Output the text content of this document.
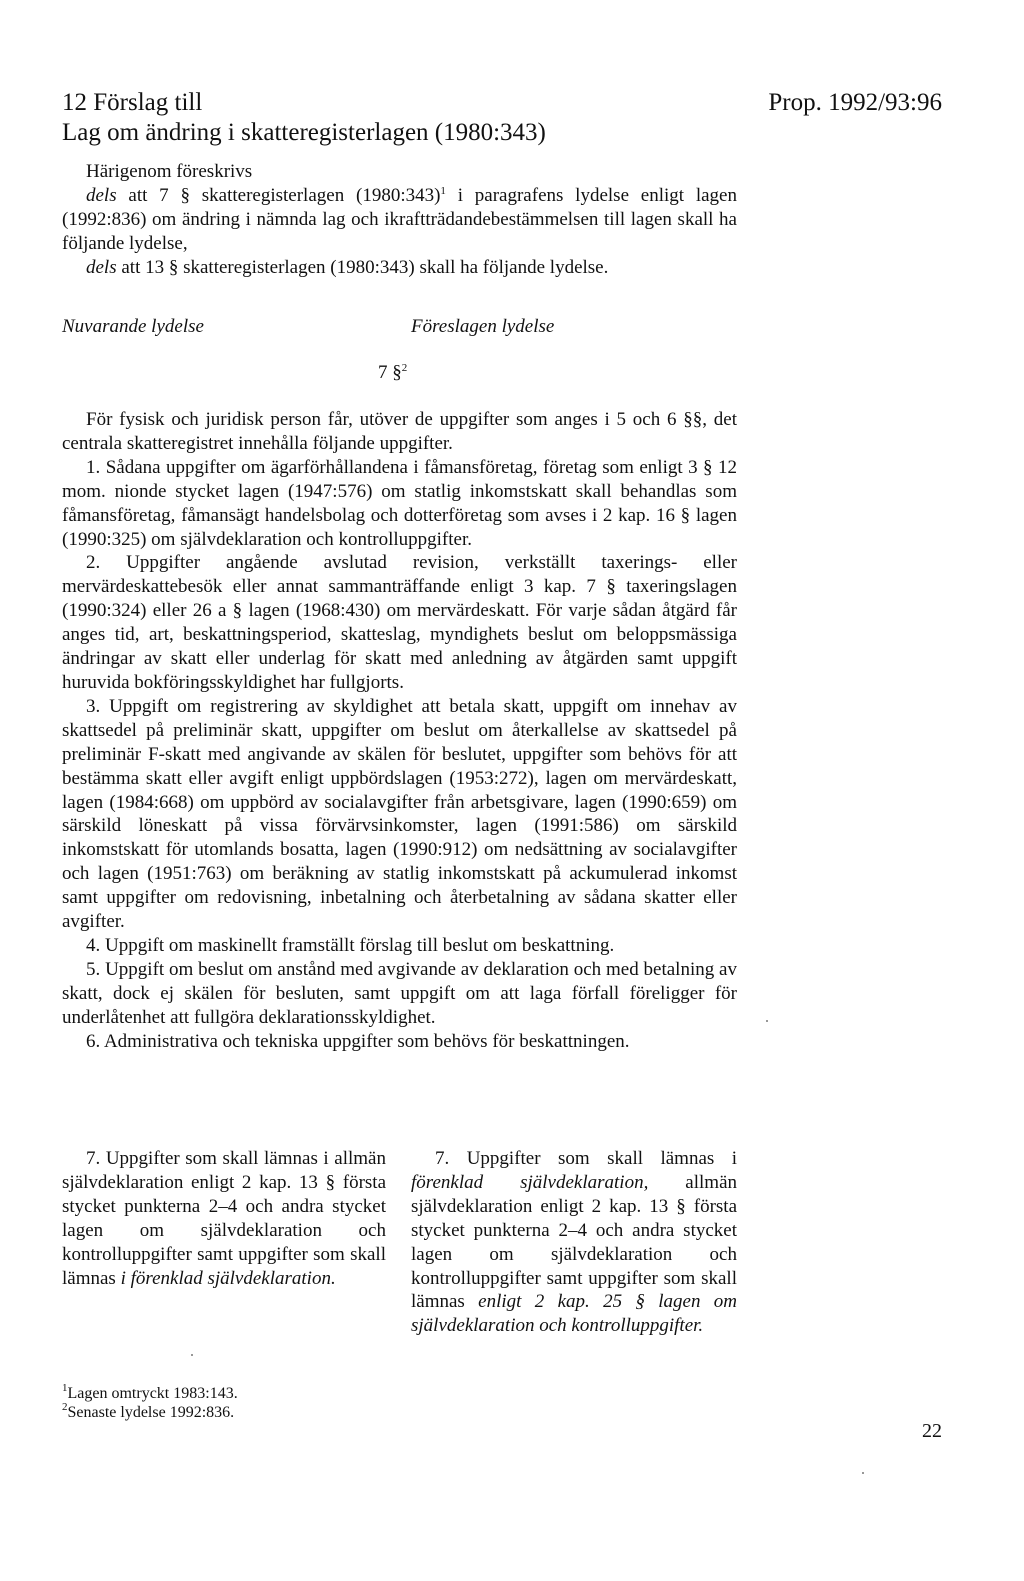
12 Förslag till	Prop. 1992/93:96
Lag om ändring i skatteregisterlagen (1980:343)
Härigenom föreskrivs
dels att 7 § skatteregisterlagen (1980:343)$^1$ i paragrafens lydelse enligt lagen (1992:836) om ändring i nämnda lag och ikraftträdandebestämmelsen till lagen skall ha följande lydelse,
dels att 13 § skatteregisterlagen (1980:343) skall ha följande lydelse.
Nuvarande lydelse	Föreslagen lydelse
7 §$^2$
För fysisk och juridisk person får, utöver de uppgifter som anges i 5 och 6 §§, det centrala skatteregistret innehålla följande uppgifter.
1. Sådana uppgifter om ägarförhållandena i fåmansföretag, företag som enligt 3 § 12 mom. nionde stycket lagen (1947:576) om statlig inkomstskatt skall behandlas som fåmansföretag, fåmansägt handelsbolag och dotterföretag som avses i 2 kap. 16 § lagen (1990:325) om självdeklaration och kontrolluppgifter.
2. Uppgifter angående avslutad revision, verkställt taxerings- eller mervärdeskattebesök eller annat sammanträffande enligt 3 kap. 7 § taxeringslagen (1990:324) eller 26 a § lagen (1968:430) om mervärdeskatt. För varje sådan åtgärd får anges tid, art, beskattningsperiod, skatteslag, myndighets beslut om beloppsmässiga ändringar av skatt eller underlag för skatt med anledning av åtgärden samt uppgift huruvida bokföringsskyldighet har fullgjorts.
3. Uppgift om registrering av skyldighet att betala skatt, uppgift om innehav av skattsedel på preliminär skatt, uppgifter om beslut om återkallelse av skattsedel på preliminär F-skatt med angivande av skälen för beslutet, uppgifter som behövs för att bestämma skatt eller avgift enligt uppbördslagen (1953:272), lagen om mervärdeskatt, lagen (1984:668) om uppbörd av socialavgifter från arbetsgivare, lagen (1990:659) om särskild löneskatt på vissa förvärvsinkomster, lagen (1991:586) om särskild inkomstskatt för utomlands bosatta, lagen (1990:912) om nedsättning av socialavgifter och lagen (1951:763) om beräkning av statlig inkomstskatt på ackumulerad inkomst samt uppgifter om redovisning, inbetalning och återbetalning av sådana skatter eller avgifter.
4. Uppgift om maskinellt framställt förslag till beslut om beskattning.
5. Uppgift om beslut om anstånd med avgivande av deklaration och med betalning av skatt, dock ej skälen för besluten, samt uppgift om att laga förfall föreligger för underlåtenhet att fullgöra deklarationsskyldighet.
6. Administrativa och tekniska uppgifter som behövs för beskattningen.
7. Uppgifter som skall lämnas i allmän självdeklaration enligt 2 kap. 13 § första stycket punkterna 2–4 och andra stycket lagen om självdeklaration och kontrolluppgifter samt uppgifter som skall lämnas i förenklad självdeklaration.
7. Uppgifter som skall lämnas i förenklad självdeklaration, allmän självdeklaration enligt 2 kap. 13 § första stycket punkterna 2–4 och andra stycket lagen om självdeklaration och kontrolluppgifter samt uppgifter som skall lämnas enligt 2 kap. 25 § lagen om självdeklaration och kontrolluppgifter.
$^1$Lagen omtryckt 1983:143.
$^2$Senaste lydelse 1992:836.
22
